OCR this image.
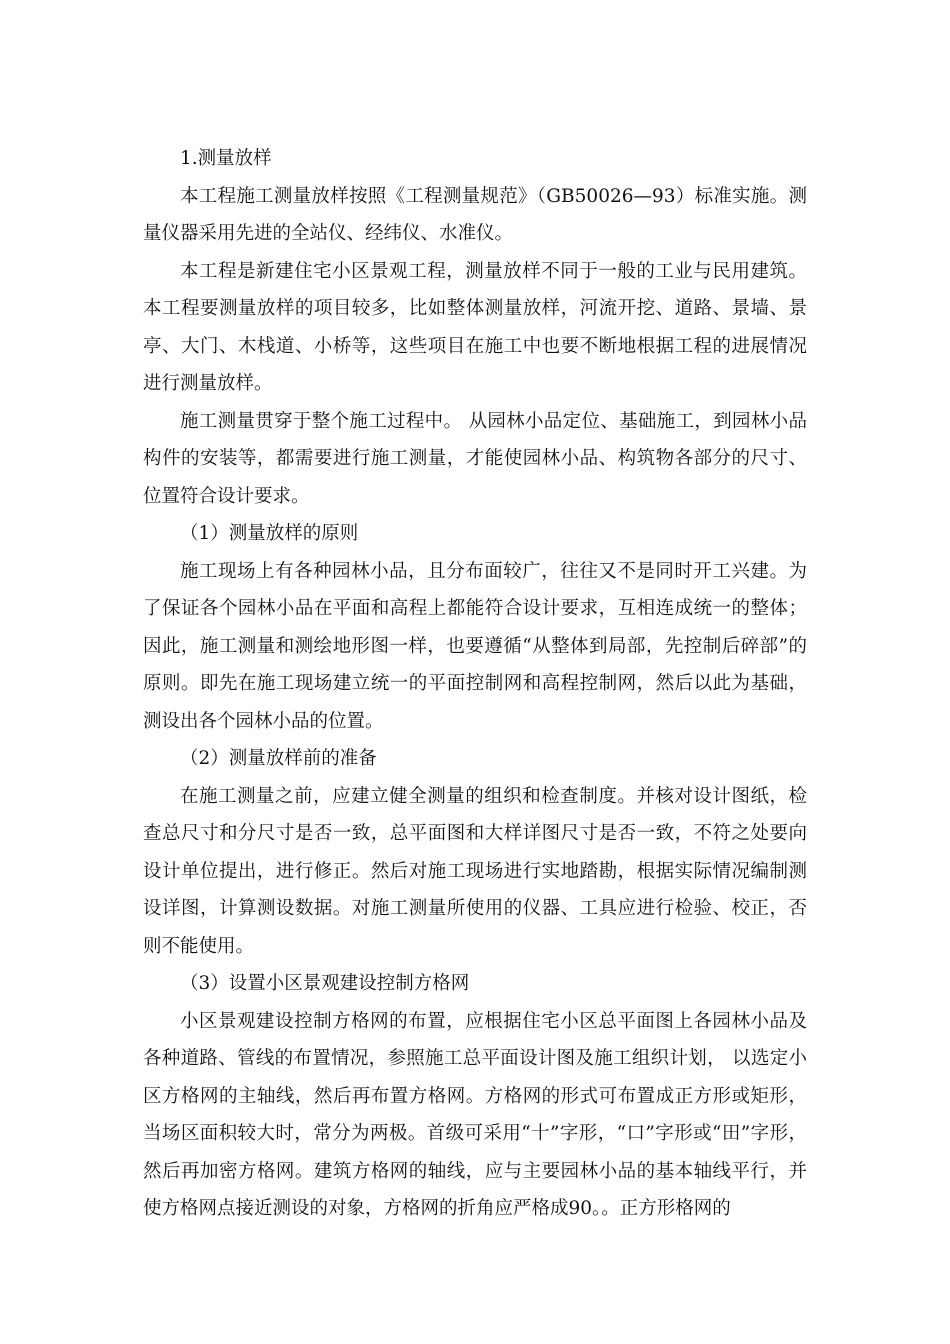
1.测量放样

本工程施工测量放样按照《工程测量规范》（GB50026—93）标准实施。测量仪器采用先进的全站仪、经纬仪、水准仪。

本工程是新建住宅小区景观工程，测量放样不同于一般的工业与民用建筑。本工程要测量放样的项目较多，比如整体测量放样，河流开挖、道路、景墙、景亭、大门、木栈道、小桥等，这些项目在施工中也要不断地根据工程的进展情况进行测量放样。

施工测量贯穿于整个施工过程中。 从园林小品定位、基础施工，到园林小品构件的安装等，都需要进行施工测量，才能使园林小品、构筑物各部分的尺寸、位置符合设计要求。

（1）测量放样的原则

施工现场上有各种园林小品，且分布面较广，往往又不是同时开工兴建。为了保证各个园林小品在平面和高程上都能符合设计要求，互相连成统一的整体；因此，施工测量和测绘地形图一样，也要遵循“从整体到局部，先控制后碎部”的原则。即先在施工现场建立统一的平面控制网和高程控制网，然后以此为基础，测设出各个园林小品的位置。

（2）测量放样前的准备

在施工测量之前，应建立健全测量的组织和检查制度。并核对设计图纸，检查总尺寸和分尺寸是否一致，总平面图和大样详图尺寸是否一致，不符之处要向设计单位提出，进行修正。然后对施工现场进行实地踏勘，根据实际情况编制测设详图，计算测设数据。对施工测量所使用的仪器、工具应进行检验、校正，否则不能使用。

（3）设置小区景观建设控制方格网

小区景观建设控制方格网的布置，应根据住宅小区总平面图上各园林小品及各种道路、管线的布置情况，参照施工总平面设计图及施工组织计划， 以选定小区方格网的主轴线，然后再布置方格网。方格网的形式可布置成正方形或矩形，当场区面积较大时，常分为两极。首级可采用“十”字形，“口”字形或“田”字形，然后再加密方格网。建筑方格网的轴线，应与主要园林小品的基本轴线平行，并使方格网点接近测设的对象，方格网的折角应严格成90。。正方形格网的
